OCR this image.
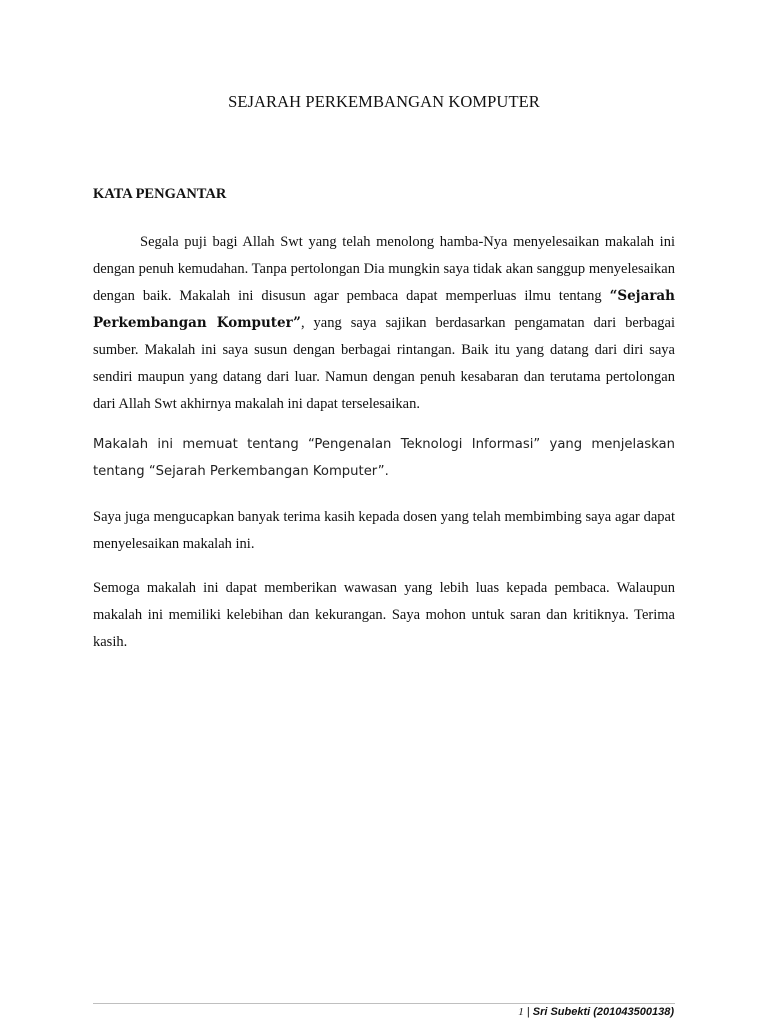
SEJARAH PERKEMBANGAN KOMPUTER
KATA PENGANTAR

Segala puji bagi Allah Swt yang telah menolong hamba-Nya menyelesaikan makalah ini dengan penuh kemudahan. Tanpa pertolongan Dia mungkin saya tidak akan sanggup menyelesaikan dengan baik. Makalah ini disusun agar pembaca dapat memperluas ilmu tentang “Sejarah Perkembangan Komputer”, yang saya sajikan berdasarkan pengamatan dari berbagai sumber. Makalah ini saya susun dengan berbagai rintangan. Baik itu yang datang dari diri saya sendiri maupun yang datang dari luar. Namun dengan penuh kesabaran dan terutama pertolongan dari Allah Swt akhirnya makalah ini dapat terselesaikan.

Makalah ini memuat tentang “Pengenalan Teknologi Informasi” yang menjelaskan tentang “Sejarah Perkembangan Komputer”.

Saya juga mengucapkan banyak terima kasih kepada dosen yang telah membimbing saya agar dapat menyelesaikan makalah ini.

Semoga makalah ini dapat memberikan wawasan yang lebih luas kepada pembaca. Walaupun makalah ini memiliki kelebihan dan kekurangan. Saya mohon untuk saran dan kritiknya. Terima kasih.

1 | Sri Subekti (201043500138)
